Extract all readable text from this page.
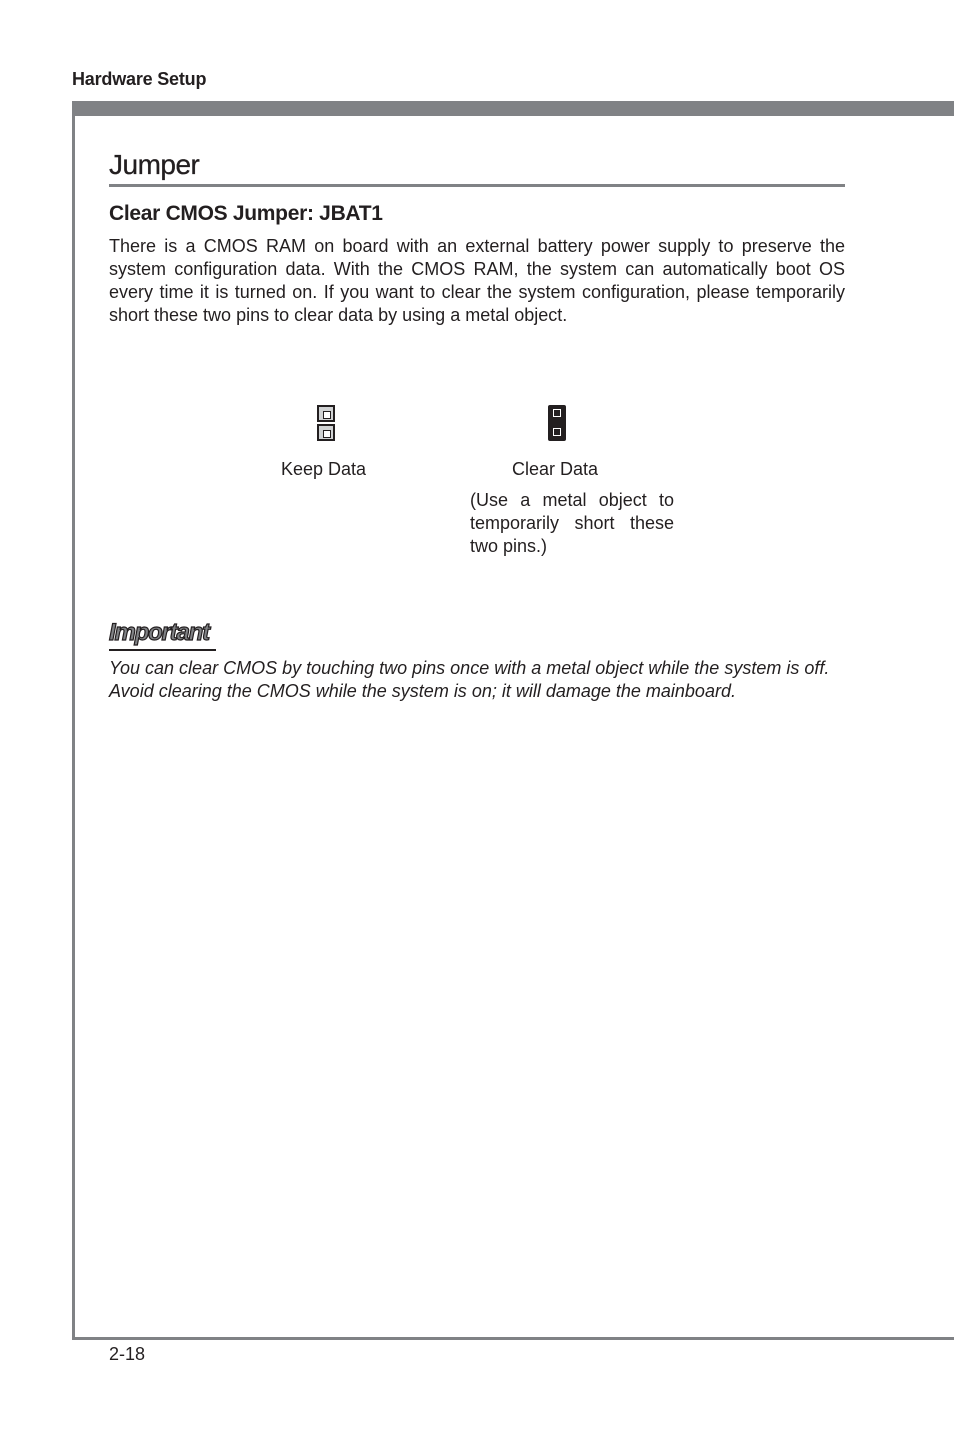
Hardware Setup
Jumper
Clear CMOS Jumper: JBAT1

There is a CMOS RAM on board with an external battery power supply to preserve the system configuration data. With the CMOS RAM, the system can automatically boot OS every time it is turned on. If you want to clear the system configuration, please temporarily short these two pins to clear data by using a metal object.

Keep Data	Clear Data

(Use a metal object to temporarily short these two pins.)

Important

You can clear CMOS by touching two pins once with a metal object while the system is off. Avoid clearing the CMOS while the system is on; it will damage the mainboard.

2-18
